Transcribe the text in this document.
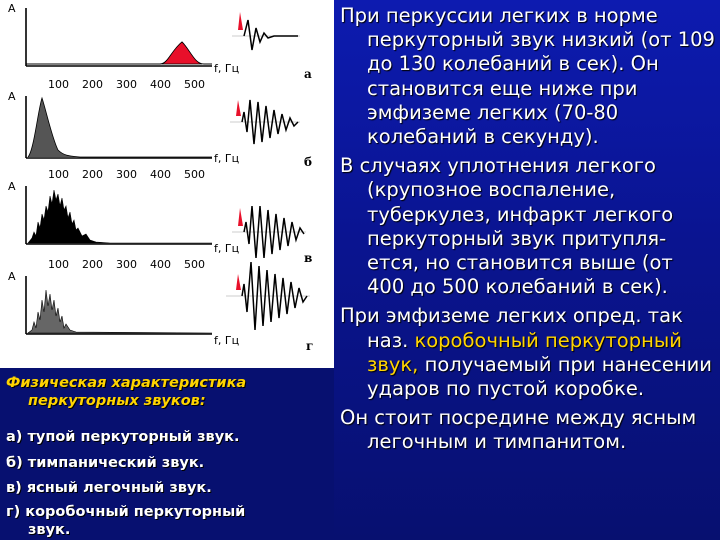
А
100 200 300 400 500
f, Гц	а
А
100 200 300 400 500
f, Гц	б
А
100 200 300 400 500
f, Гц
в
А
f, Гц	г
Физическая характеристика
перкуторных звуков:
а) тупой перкуторный звук.
б) тимпанический звук.
в) ясный легочный звук.
г) коробочный перкуторный
звук.

При перкуссии легких в норме перкуторный звук низкий (от 109 до 130 колебаний в сек). Он становится еще ниже при эмфиземе легких (70-80 колебаний в секунду).

В случаях уплотнения легкого (крупозное воспаление, туберкулез, инфаркт легкого перкуторный звук притупля-ется, но становится выше (от 400 до 500 колебаний в сек).

При эмфиземе легких опред. так наз. коробочный перкуторный звук, получаемый при нанесении ударов по пустой коробке.

Он стоит посредине между ясным легочным и тимпанитом.
